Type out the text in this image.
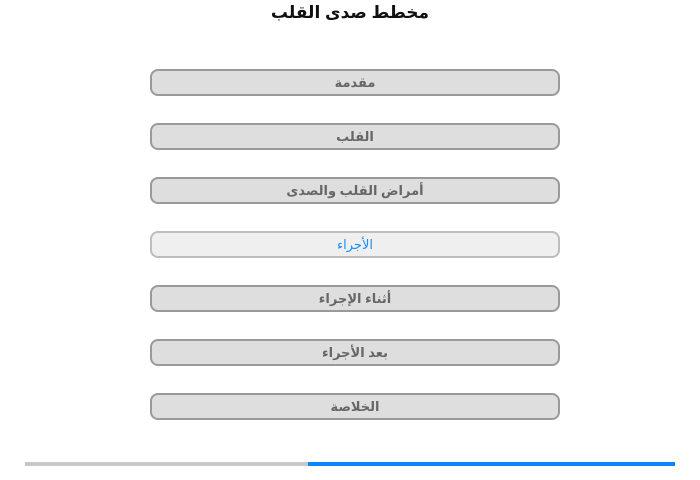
مخطط صدى القلب
مقدمة
القلب
أمراض القلب والصدى
الأجراء
أثناء الإجراء
بعد الأجراء
الخلاصة
